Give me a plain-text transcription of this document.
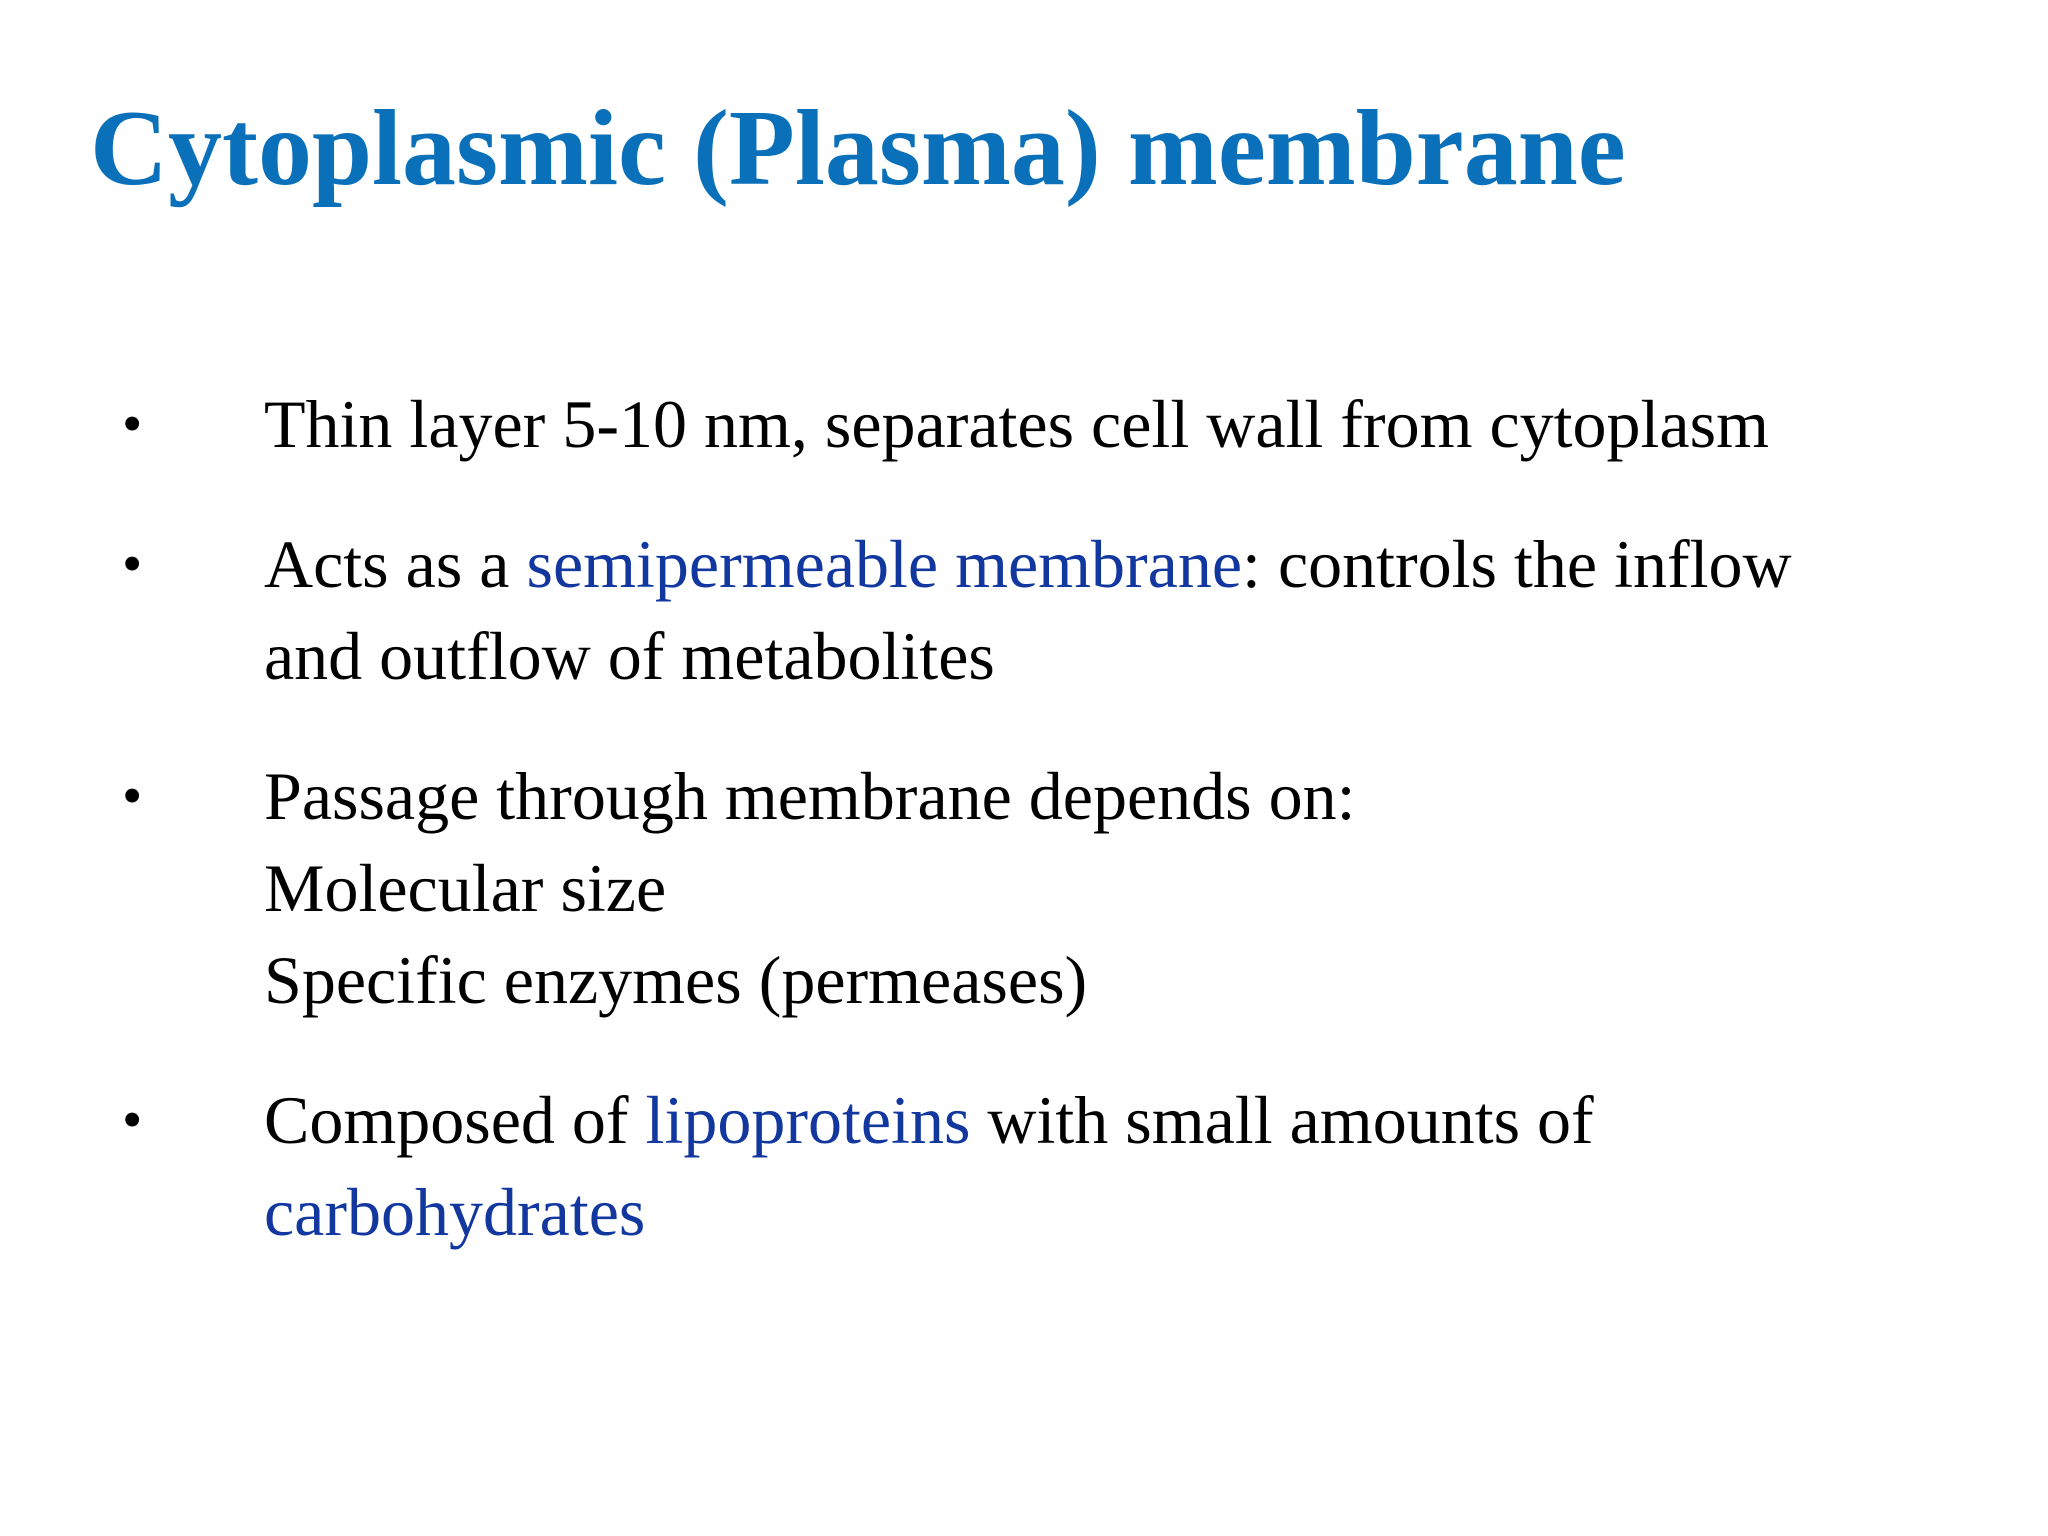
Cytoplasmic (Plasma) membrane
• Thin layer 5-10 nm, separates cell wall from cytoplasm
• Acts as a semipermeable membrane: controls the inflow
and outflow of metabolites
• Passage through membrane depends on:
Molecular size
Specific enzymes (permeases)
• Composed of lipoproteins with small amounts of
carbohydrates
